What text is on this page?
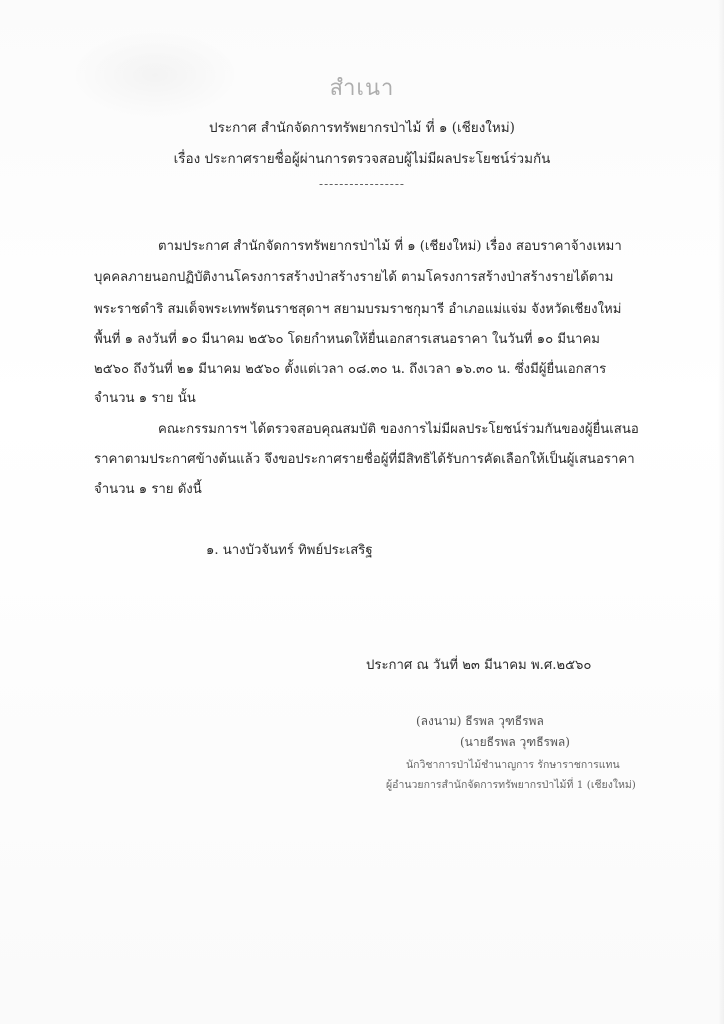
สำเนา
ประกาศ สำนักจัดการทรัพยากรป่าไม้ ที่ ๑ (เชียงใหม่)
เรื่อง ประกาศรายชื่อผู้ผ่านการตรวจสอบผู้ไม่มีผลประโยชน์ร่วมกัน
-----------------
ตามประกาศ สำนักจัดการทรัพยากรป่าไม้ ที่ ๑ (เชียงใหม่) เรื่อง สอบราคาจ้างเหมา
บุคคลภายนอกปฏิบัติงานโครงการสร้างป่าสร้างรายได้ ตามโครงการสร้างป่าสร้างรายได้ตาม
พระราชดำริ สมเด็จพระเทพรัตนราชสุดาฯ สยามบรมราชกุมารี อำเภอแม่แจ่ม จังหวัดเชียงใหม่
พื้นที่ ๑ ลงวันที่ ๑๐ มีนาคม ๒๕๖๐ โดยกำหนดให้ยื่นเอกสารเสนอราคา ในวันที่ ๑๐ มีนาคม
๒๕๖๐ ถึงวันที่ ๒๑ มีนาคม ๒๕๖๐ ตั้งแต่เวลา ๐๘.๓๐ น. ถึงเวลา ๑๖.๓๐ น. ซึ่งมีผู้ยื่นเอกสาร
จำนวน ๑ ราย นั้น
คณะกรรมการฯ ได้ตรวจสอบคุณสมบัติ ของการไม่มีผลประโยชน์ร่วมกันของผู้ยื่นเสนอ
ราคาตามประกาศข้างต้นแล้ว จึงขอประกาศรายชื่อผู้ที่มีสิทธิได้รับการคัดเลือกให้เป็นผู้เสนอราคา
จำนวน ๑ ราย ดังนี้
๑. นางบัวจันทร์ ทิพย์ประเสริฐ
ประกาศ ณ วันที่ ๒๓ มีนาคม พ.ศ.๒๕๖๐
(ลงนาม) ธีรพล วุฑธีรพล
(นายธีรพล วุฑธีรพล)
นักวิชาการป่าไม้ชำนาญการ รักษาราชการแทน
ผู้อำนวยการสำนักจัดการทรัพยากรป่าไม้ที่ 1 (เชียงใหม่)
